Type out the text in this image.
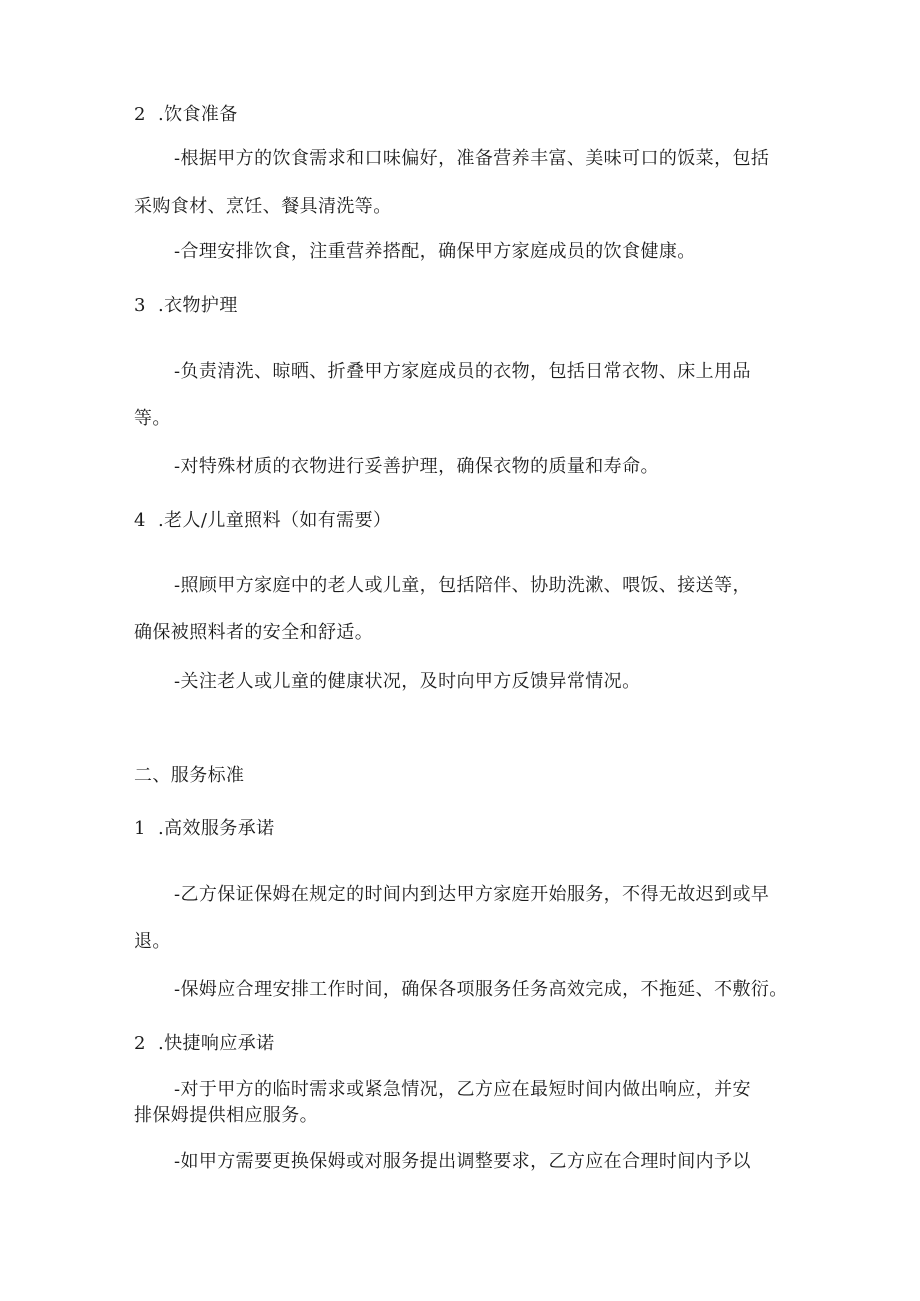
2 .饮食准备
-根据甲方的饮食需求和口味偏好，准备营养丰富、美味可口的饭菜，包括
采购食材、烹饪、餐具清洗等。
-合理安排饮食，注重营养搭配，确保甲方家庭成员的饮食健康。
3 .衣物护理
-负责清洗、晾晒、折叠甲方家庭成员的衣物，包括日常衣物、床上用品
等。
-对特殊材质的衣物进行妥善护理，确保衣物的质量和寿命。
4 .老人/儿童照料（如有需要）
-照顾甲方家庭中的老人或儿童，包括陪伴、协助洗漱、喂饭、接送等，
确保被照料者的安全和舒适。
-关注老人或儿童的健康状况，及时向甲方反馈异常情况。
二、服务标准
1 .高效服务承诺
-乙方保证保姆在规定的时间内到达甲方家庭开始服务，不得无故迟到或早
退。
-保姆应合理安排工作时间，确保各项服务任务高效完成，不拖延、不敷衍。
2 .快捷响应承诺
-对于甲方的临时需求或紧急情况，乙方应在最短时间内做出响应，并安
排保姆提供相应服务。
-如甲方需要更换保姆或对服务提出调整要求，乙方应在合理时间内予以
